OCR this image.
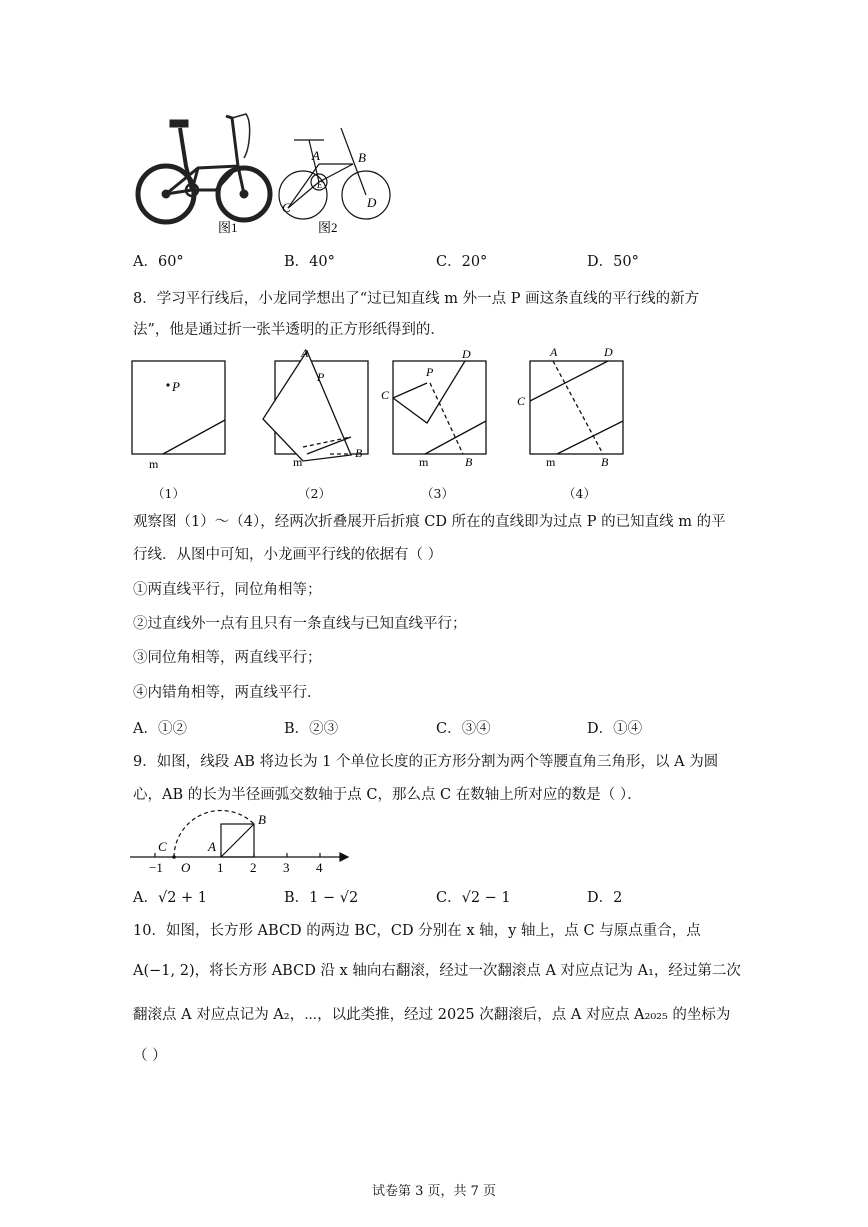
图1
A	B
C	D
E
图2
A．60°	B．40°	C．20°	D．50°
8．学习平行线后，小龙同学想出了“过已知直线 m 外一点 P 画这条直线的平行线的新方
法”，他是通过折一张半透明的正方形纸得到的．
P
m
A
P
B
m
D
P
C
m	B
A	D
C
m	B
（1）	（2）	（3）	（4）
观察图（1）～（4），经两次折叠展开后折痕 CD 所在的直线即为过点 P 的已知直线 m 的平
行线．从图中可知，小龙画平行线的依据有（ ）
①两直线平行，同位角相等；
②过直线外一点有且只有一条直线与已知直线平行；
③同位角相等，两直线平行；
④内错角相等，两直线平行．
A．①②	B．②③	C．③④	D．①④
9．如图，线段 AB 将边长为 1 个单位长度的正方形分割为两个等腰直角三角形，以 A 为圆
心，AB 的长为半径画弧交数轴于点 C，那么点 C 在数轴上所对应的数是（ ）．
−1 O 1 2 3 4
A
B
C
A．√2 + 1	B．1 − √2	C．√2 − 1	D．2
10．如图，长方形 ABCD 的两边 BC，CD 分别在 x 轴，y 轴上，点 C 与原点重合，点
A(−1, 2)，将长方形 ABCD 沿 x 轴向右翻滚，经过一次翻滚点 A 对应点记为 A₁，经过第二次
翻滚点 A 对应点记为 A₂，⋯，以此类推，经过 2025 次翻滚后，点 A 对应点 A₂₀₂₅ 的坐标为
（ ）
试卷第 3 页，共 7 页
